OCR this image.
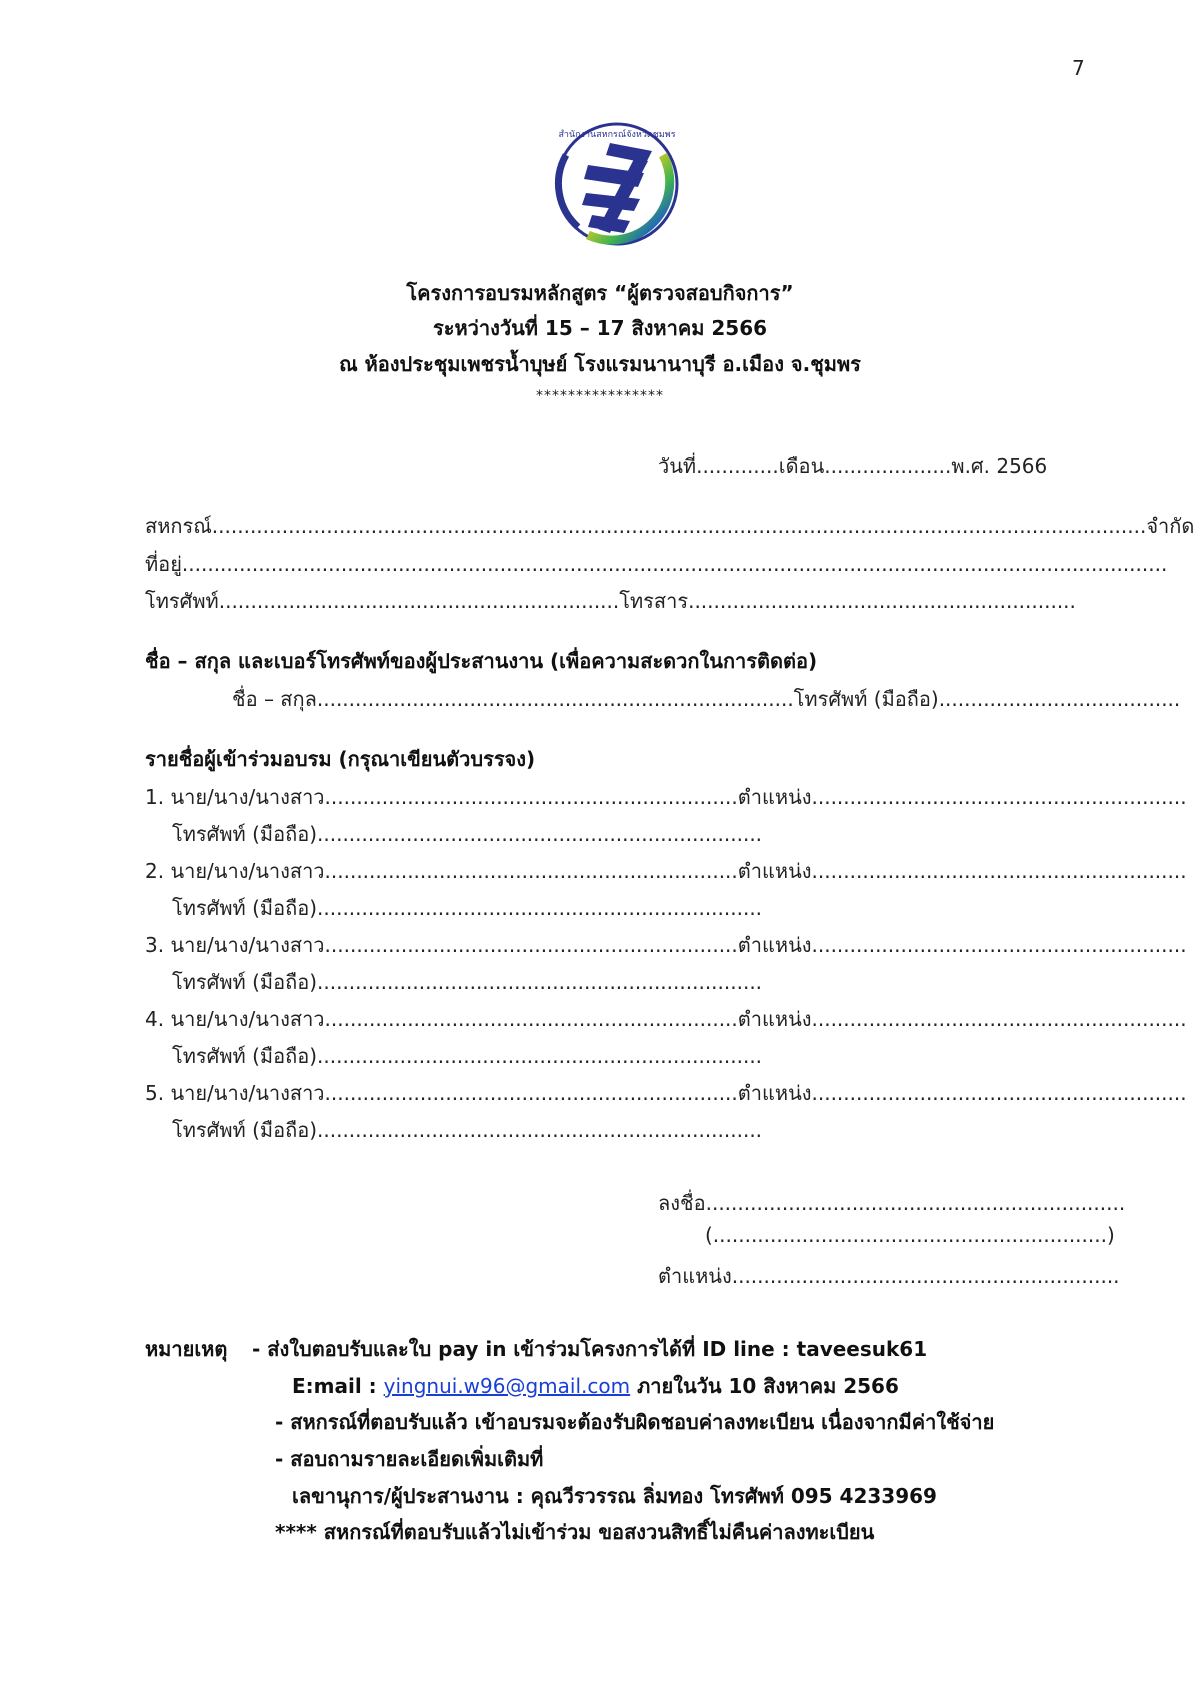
7
สำนักงานสหกรณ์จังหวัดชุมพร
โครงการอบรมหลักสูตร “ผู้ตรวจสอบกิจการ”
ระหว่างวันที่ 15 – 17 สิงหาคม 2566
ณ ห้องประชุมเพชรน้ำบุษย์ โรงแรมนานาบุรี อ.เมือง จ.ชุมพร
****************
วันที่.............เดือน....................พ.ศ. 2566
สหกรณ์...................................................................................................................................................จำกัด
ที่อยู่...........................................................................................................................................................
โทรศัพท์...............................................................โทรสาร.............................................................
ชื่อ – สกุล และเบอร์โทรศัพท์ของผู้ประสานงาน (เพื่อความสะดวกในการติดต่อ)
ชื่อ – สกุล...........................................................................โทรศัพท์ (มือถือ)......................................
รายชื่อผู้เข้าร่วมอบรม (กรุณาเขียนตัวบรรจง)
1. นาย/นาง/นางสาว.................................................................ตำแหน่ง...........................................................
โทรศัพท์ (มือถือ)......................................................................
2. นาย/นาง/นางสาว.................................................................ตำแหน่ง...........................................................
โทรศัพท์ (มือถือ)......................................................................
3. นาย/นาง/นางสาว.................................................................ตำแหน่ง...........................................................
โทรศัพท์ (มือถือ)......................................................................
4. นาย/นาง/นางสาว.................................................................ตำแหน่ง...........................................................
โทรศัพท์ (มือถือ)......................................................................
5. นาย/นาง/นางสาว.................................................................ตำแหน่ง...........................................................
โทรศัพท์ (มือถือ)......................................................................
ลงชื่อ..................................................................
(..............................................................)
ตำแหน่ง.............................................................
หมายเหตุ - ส่งใบตอบรับและใบ pay in เข้าร่วมโครงการได้ที่ ID line : taveesuk61
E:mail : yingnui.w96@gmail.com ภายในวัน 10 สิงหาคม 2566
- สหกรณ์ที่ตอบรับแล้ว เข้าอบรมจะต้องรับผิดชอบค่าลงทะเบียน เนื่องจากมีค่าใช้จ่าย
- สอบถามรายละเอียดเพิ่มเติมที่
เลขานุการ/ผู้ประสานงาน : คุณวีรวรรณ ลิ่มทอง โทรศัพท์ 095 4233969
**** สหกรณ์ที่ตอบรับแล้วไม่เข้าร่วม ขอสงวนสิทธิ์ไม่คืนค่าลงทะเบียน
